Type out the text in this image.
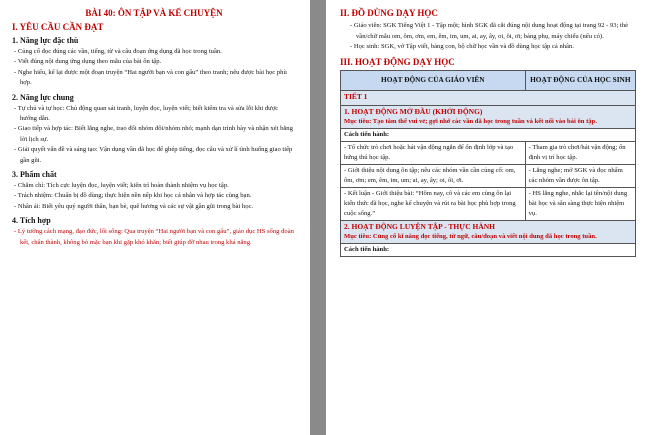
BÀI 40: ÔN TẬP VÀ KỂ CHUYỆN
I. YÊU CẦU CẦN ĐẠT
1. Năng lực đặc thù

- Củng cố đọc đúng các vần, tiếng, từ và câu đoạn ứng dụng đã học trong tuần.

- Viết đúng nội dung ứng dụng theo mẫu của bài ôn tập.

- Nghe hiểu, kể lại được một đoạn truyện “Hai người bạn và con gấu” theo tranh; nêu được bài học phù hợp.

2. Năng lực chung

- Tự chủ và tự học: Chủ động quan sát tranh, luyện đọc, luyện viết; biết kiểm tra và sửa lỗi khi được hướng dẫn.

- Giao tiếp và hợp tác: Biết lắng nghe, trao đổi nhóm đôi/nhóm nhỏ; mạnh dạn trình bày và nhận xét bằng lời lịch sự.

- Giải quyết vấn đề và sáng tạo: Vận dụng vần đã học để ghép tiếng, đọc câu và xử lí tình huống giao tiếp gần gũi.

3. Phẩm chất

- Chăm chỉ: Tích cực luyện đọc, luyện viết; kiên trì hoàn thành nhiệm vụ học tập.

- Trách nhiệm: Chuẩn bị đồ dùng; thực hiện nền nếp khi học cá nhân và hợp tác cùng bạn.

- Nhân ái: Biết yêu quý người thân, bạn bè, quê hương và các sự vật gần gũi trong bài học.

4. Tích hợp

- Lý tưởng cách mạng, đạo đức, lối sống: Qua truyện “Hai người bạn và con gấu”, giáo dục HS sống đoàn kết, chân thành, không bỏ mặc bạn khi gặp khó khăn; biết giúp đỡ nhau trong khả năng.

II. ĐỒ DÙNG DẠY HỌC

- Giáo viên: SGK Tiếng Việt 1 - Tập một; hình SGK đã cắt đúng nội dung hoạt động tại trang 92 - 93; thẻ vần/chữ mẫu om, ôm, ơm, em, êm, im, um, ai, ay, ây, oi, ôi, ơi; bảng phụ, máy chiếu (nếu có).

- Học sinh: SGK, vở Tập viết, bảng con, bộ chữ học vần và đồ dùng học tập cá nhân.

III. HOẠT ĐỘNG DẠY HỌC
HOẠT ĐỘNG CỦA GIÁO VIÊN	HOẠT ĐỘNG CỦA HỌC SINH
TIẾT 1	

1. HOẠT ĐỘNG MỞ ĐẦU (KHỞI ĐỘNG)
Mục tiêu: Tạo tâm thế vui vẻ; gợi nhớ các vần đã học trong tuần và kết nối vào bài ôn tập.	

Cách tiến hành:	
- Tổ chức trò chơi hoặc hát vận động ngắn để ổn định lớp và tạo hứng thú học tập.	- Tham gia trò chơi/hát vận động; ổn định vị trí học tập.
- Giới thiệu nội dung ôn tập; nêu các nhóm vần cần củng cố: om, ôm, ơm; em, êm, im, um; ai, ay, ây; oi, ôi, ơi.	- Lắng nghe; mở SGK và đọc nhẩm các nhóm vần được ôn tập.
- Kết luận - Giới thiệu bài: “Hôm nay, cô và các em cùng ôn lại kiến thức đã học, nghe kể chuyện và rút ra bài học phù hợp trong cuộc sống.”	- HS lắng nghe, nhắc lại tên/nội dung bài học và sẵn sàng thực hiện nhiệm vụ.

2. HOẠT ĐỘNG LUYỆN TẬP - THỰC HÀNH
Mục tiêu: Củng cố kĩ năng đọc tiếng, từ ngữ, câu/đoạn và viết nội dung đã học trong tuần.	

Cách tiến hành:	
